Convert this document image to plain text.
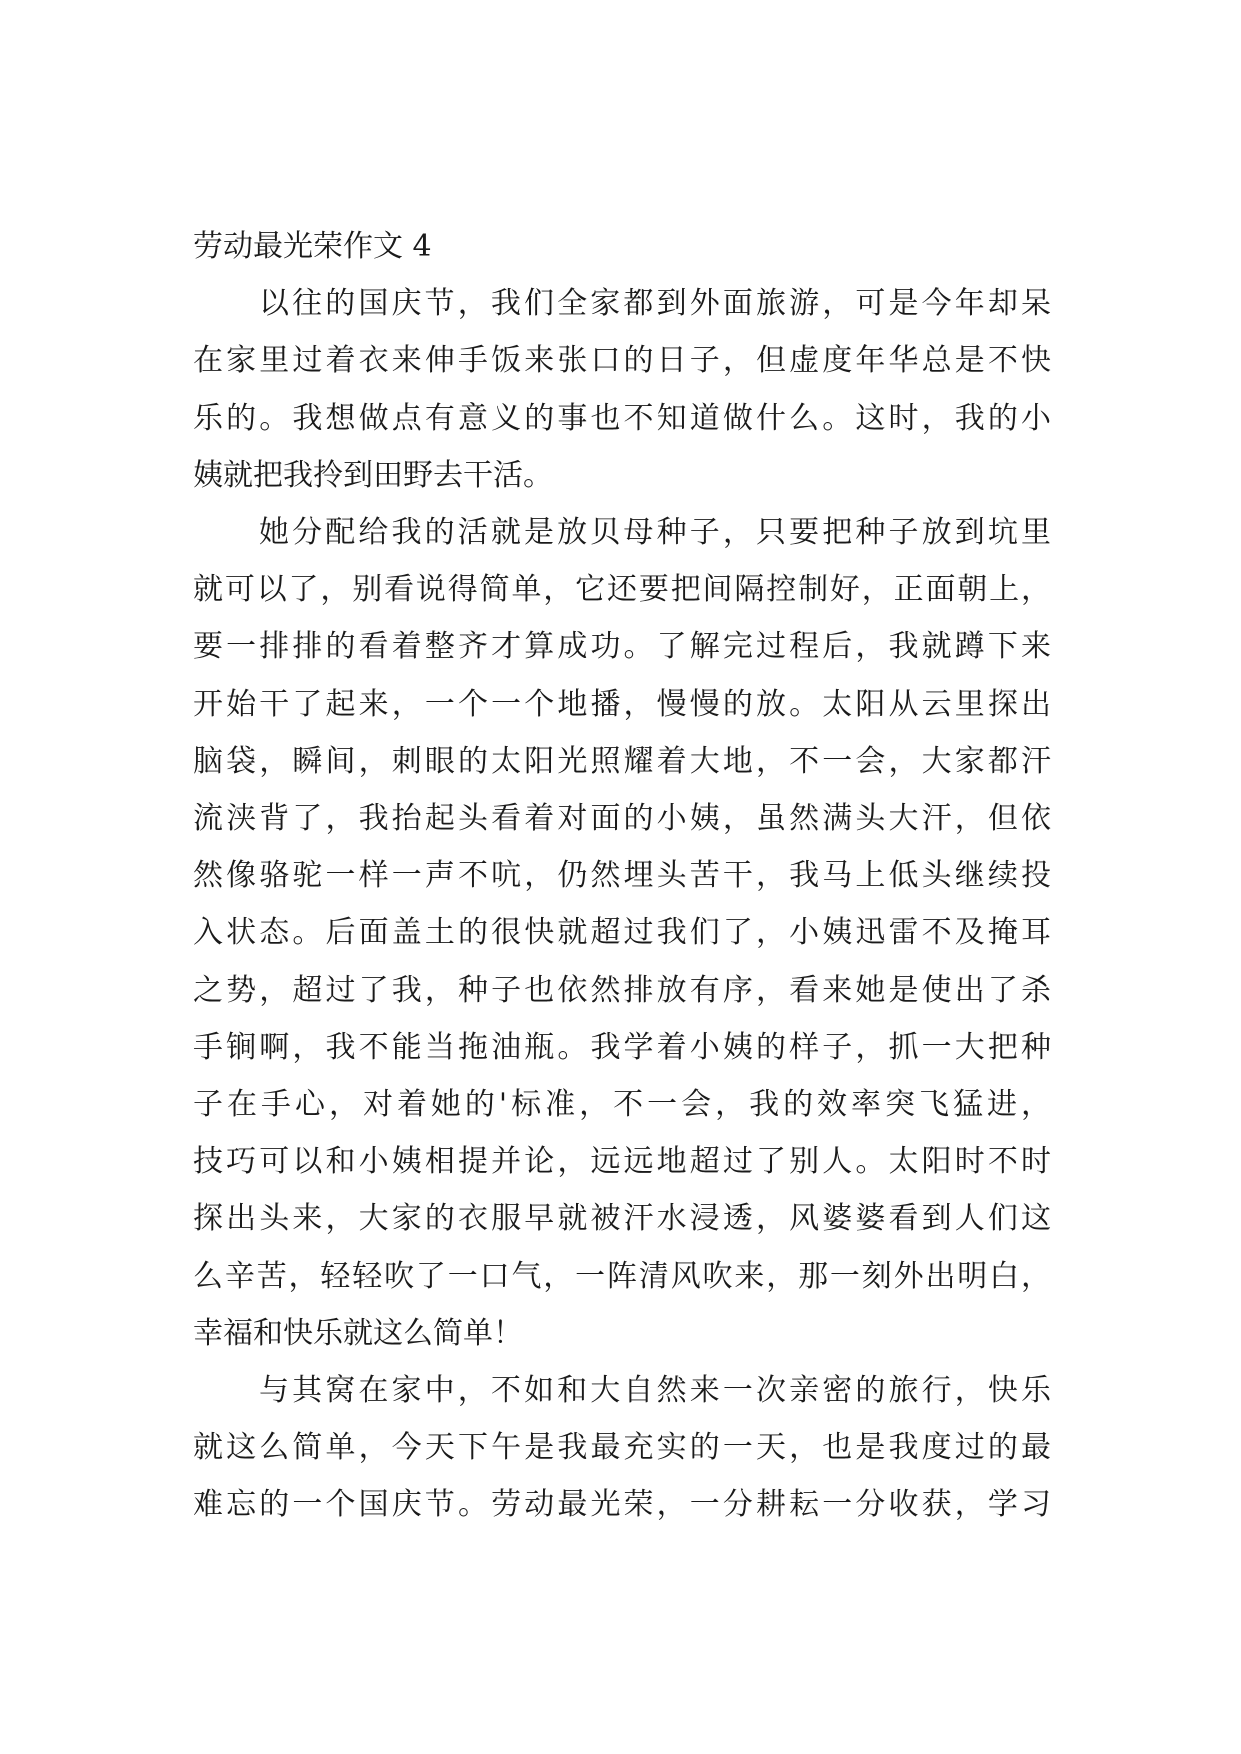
劳动最光荣作文 4
以往的国庆节，我们全家都到外面旅游，可是今年却呆
在家里过着衣来伸手饭来张口的日子，但虚度年华总是不快
乐的。我想做点有意义的事也不知道做什么。这时，我的小
姨就把我拎到田野去干活。
她分配给我的活就是放贝母种子，只要把种子放到坑里
就可以了，别看说得简单，它还要把间隔控制好，正面朝上，
要一排排的看着整齐才算成功。了解完过程后，我就蹲下来
开始干了起来，一个一个地播，慢慢的放。太阳从云里探出
脑袋，瞬间，刺眼的太阳光照耀着大地，不一会，大家都汗
流浃背了，我抬起头看着对面的小姨，虽然满头大汗，但依
然像骆驼一样一声不吭，仍然埋头苦干，我马上低头继续投
入状态。后面盖土的很快就超过我们了，小姨迅雷不及掩耳
之势，超过了我，种子也依然排放有序，看来她是使出了杀
手锏啊，我不能当拖油瓶。我学着小姨的样子，抓一大把种
子在手心，对着她的'标准，不一会，我的效率突飞猛进，
技巧可以和小姨相提并论，远远地超过了别人。太阳时不时
探出头来，大家的衣服早就被汗水浸透，风婆婆看到人们这
么辛苦，轻轻吹了一口气，一阵清风吹来，那一刻外出明白，
幸福和快乐就这么简单！
与其窝在家中，不如和大自然来一次亲密的旅行，快乐
就这么简单，今天下午是我最充实的一天，也是我度过的最
难忘的一个国庆节。劳动最光荣，一分耕耘一分收获，学习
